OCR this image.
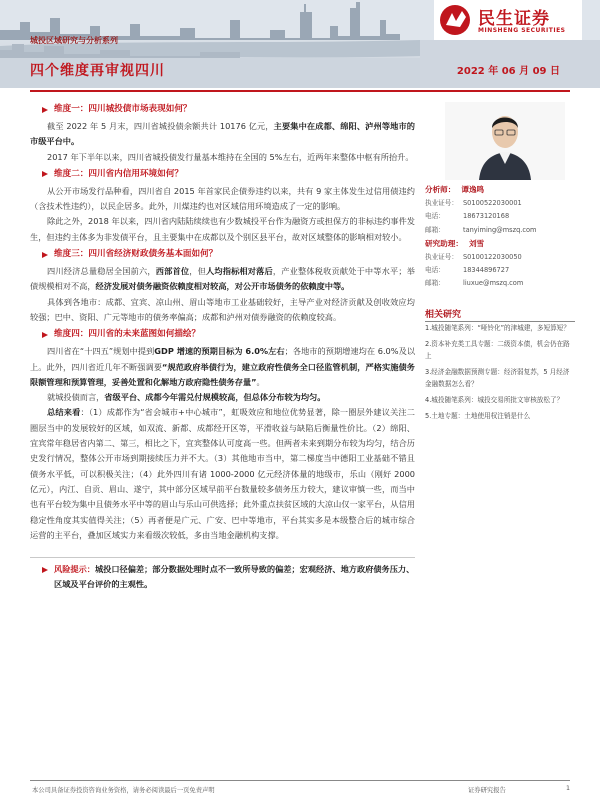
城投区域研究与分析系列
四个维度再审视四川	2022 年 06 月 09 日
民生证券
MINSHENG SECURITIES
维度一：四川城投债市场表现如何？
截至 2022 年 5 月末，四川省城投债余额共计 10176 亿元，主要集中在成都、绵阳、泸州等地市的市级平台中。
2017 年下半年以来，四川省城投债发行量基本维持在全国的 5%左右，近两年来整体中枢有所抬升。
维度二：四川省内信用环境如何？
从公开市场发行品种看，四川省自 2015 年首家民企债券违约以来，共有 9 家主体发生过信用债违约（含技术性违约），以民企居多。此外，川煤违约也对区域信用环境造成了一定的影响。
除此之外，2018 年以来，四川省内陆陆续续也有少数城投平台作为融资方或担保方的非标违约事件发生，但违约主体多为非发债平台，且主要集中在成都以及个别区县平台，故对区域整体的影响相对较小。
维度三：四川省经济财政债务基本面如何？
四川经济总量稳居全国前六，西部首位，但人均指标相对落后，产业整体税收贡献处于中等水平；举债规模相对不高，经济发展对债务融资依赖度相对较高，对公开市场债务的依赖度中等。
具体到各地市：成都、宜宾、凉山州、眉山等地市工业基础较好，主导产业对经济贡献及创收效应均较强；巴中、资阳、广元等地市的债务率偏高；成都和泸州对债券融资的依赖度较高。
维度四：四川省的未来蓝图如何描绘？
四川省在“十四五”规划中提到GDP 增速的预期目标为 6.0%左右；各地市的预期增速均在 6.0%及以上。此外，四川省近几年不断强调要“规范政府举债行为，建立政府性债务全口径监管机制，严格实施债务限额管理和预算管理，妥善处置和化解地方政府隐性债务存量”。
就城投债而言，省级平台、成都今年需兑付规模较高，但总体分布较为均匀。
总结来看：（1）成都作为“省会城市+中心城市”，虹吸效应和地位优势显著，除一圈层外建议关注二圈层当中的发展较好的区域，如双流、新都、成都经开区等，平滑收益与缺陷后衡量性价比。（2）绵阳、宜宾常年稳居省内第二、第三，相比之下，宜宾整体认可度高一些。但两者未来到期分布较为均匀，结合历史发行情况，整体公开市场到期接续压力并不大。（3）其他地市当中，第二梯度当中德阳工业基础不错且债务水平低，可以积极关注；（4）此外四川有诸 1000-2000 亿元经济体量的地级市，乐山（刚好 2000 亿元），内江、自贡、眉山、遂宁，其中部分区域早前平台数量较多债务压力较大，建议审慎一些，而当中也有平台较为集中且债务水平中等的眉山与乐山可供选择；此外重点扶贫区域的大凉山仅一家平台，从信用稳定性角度其实值得关注；（5）再者便是广元、广安、巴中等地市，平台其实多是本级整合后的城市综合运营的主平台，叠加区域实力来看级次较低，多由当地金融机构支撑。
风险提示：城投口径偏差；部分数据处理时点不一致所导致的偏差；宏观经济、地方政府债务压力、区域及平台评价的主观性。
分析师： 谭逸鸣
执业证号： S0100522030001
电话：	18673120168
邮箱：	tanyiming@mszq.com
研究助理： 刘雪
执业证号： S0100122030050
电话：	18344896727
邮箱：	liuxue@mszq.com
相关研究
1.城投随笔系列：“哑铃化”的津城建，多短算短？
2.资本补充类工具专题：二级资本债，机会仍在路上
3.经济金融数据预测专题：经济弱复苏，5 月经济金融数据怎么看？
4.城投随笔系列：城投交易所批文审核放松了？
5.土地专题：土地使用权注销是什么
本公司具备证券投资咨询业务资格，请务必阅读最后一页免责声明	证券研究报告	1
